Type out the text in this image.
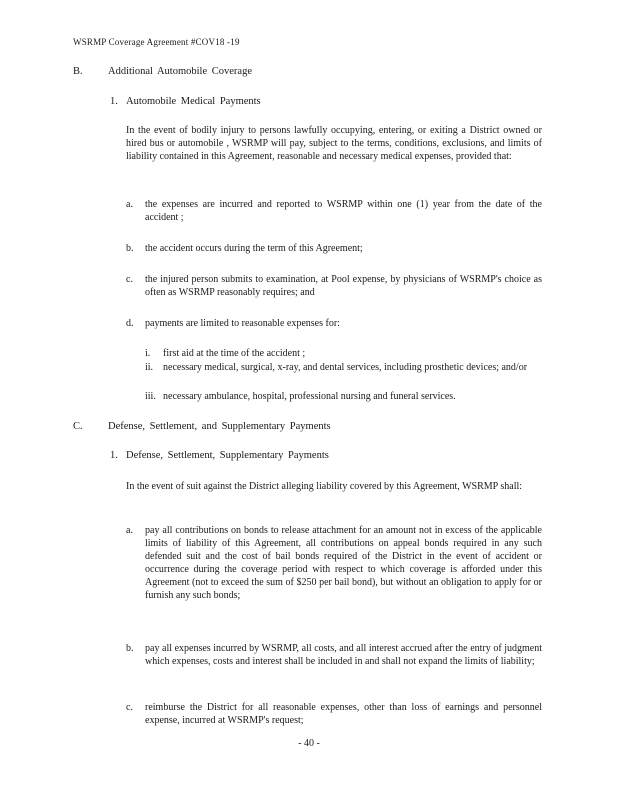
WSRMP Coverage Agreement #COV18 -19
B. Additional Automobile Coverage
1. Automobile Medical Payments
In the event of bodily injury to persons lawfully occupying, entering, or exiting a District owned or hired bus or automobile , WSRMP will pay, subject to the terms, conditions, exclusions, and limits of liability contained in this Agreement, reasonable and necessary medical expenses, provided that:
a. the expenses are incurred and reported to WSRMP within one (1) year from the date of the accident ;
b. the accident occurs during the term of this Agreement;
c. the injured person submits to examination, at Pool expense, by physicians of WSRMP's choice as often as WSRMP reasonably requires; and
d. payments are limited to reasonable expenses for:
i. first aid at the time of the accident ;
ii. necessary medical, surgical, x-ray, and dental services, including prosthetic devices; and/or
iii. necessary ambulance, hospital, professional nursing and funeral services.
C. Defense, Settlement, and Supplementary Payments
1. Defense, Settlement, Supplementary Payments
In the event of suit against the District alleging liability covered by this Agreement, WSRMP shall:
a. pay all contributions on bonds to release attachment for an amount not in excess of the applicable limits of liability of this Agreement, all contributions on appeal bonds required in any such defended suit and the cost of bail bonds required of the District in the event of accident or occurrence during the coverage period with respect to which coverage is afforded under this Agreement (not to exceed the sum of $250 per bail bond), but without an obligation to apply for or furnish any such bonds;
b. pay all expenses incurred by WSRMP, all costs, and all interest accrued after the entry of judgment which expenses, costs and interest shall be included in and shall not expand the limits of liability;
c. reimburse the District for all reasonable expenses, other than loss of earnings and personnel expense, incurred at WSRMP's request;
- 40 -
